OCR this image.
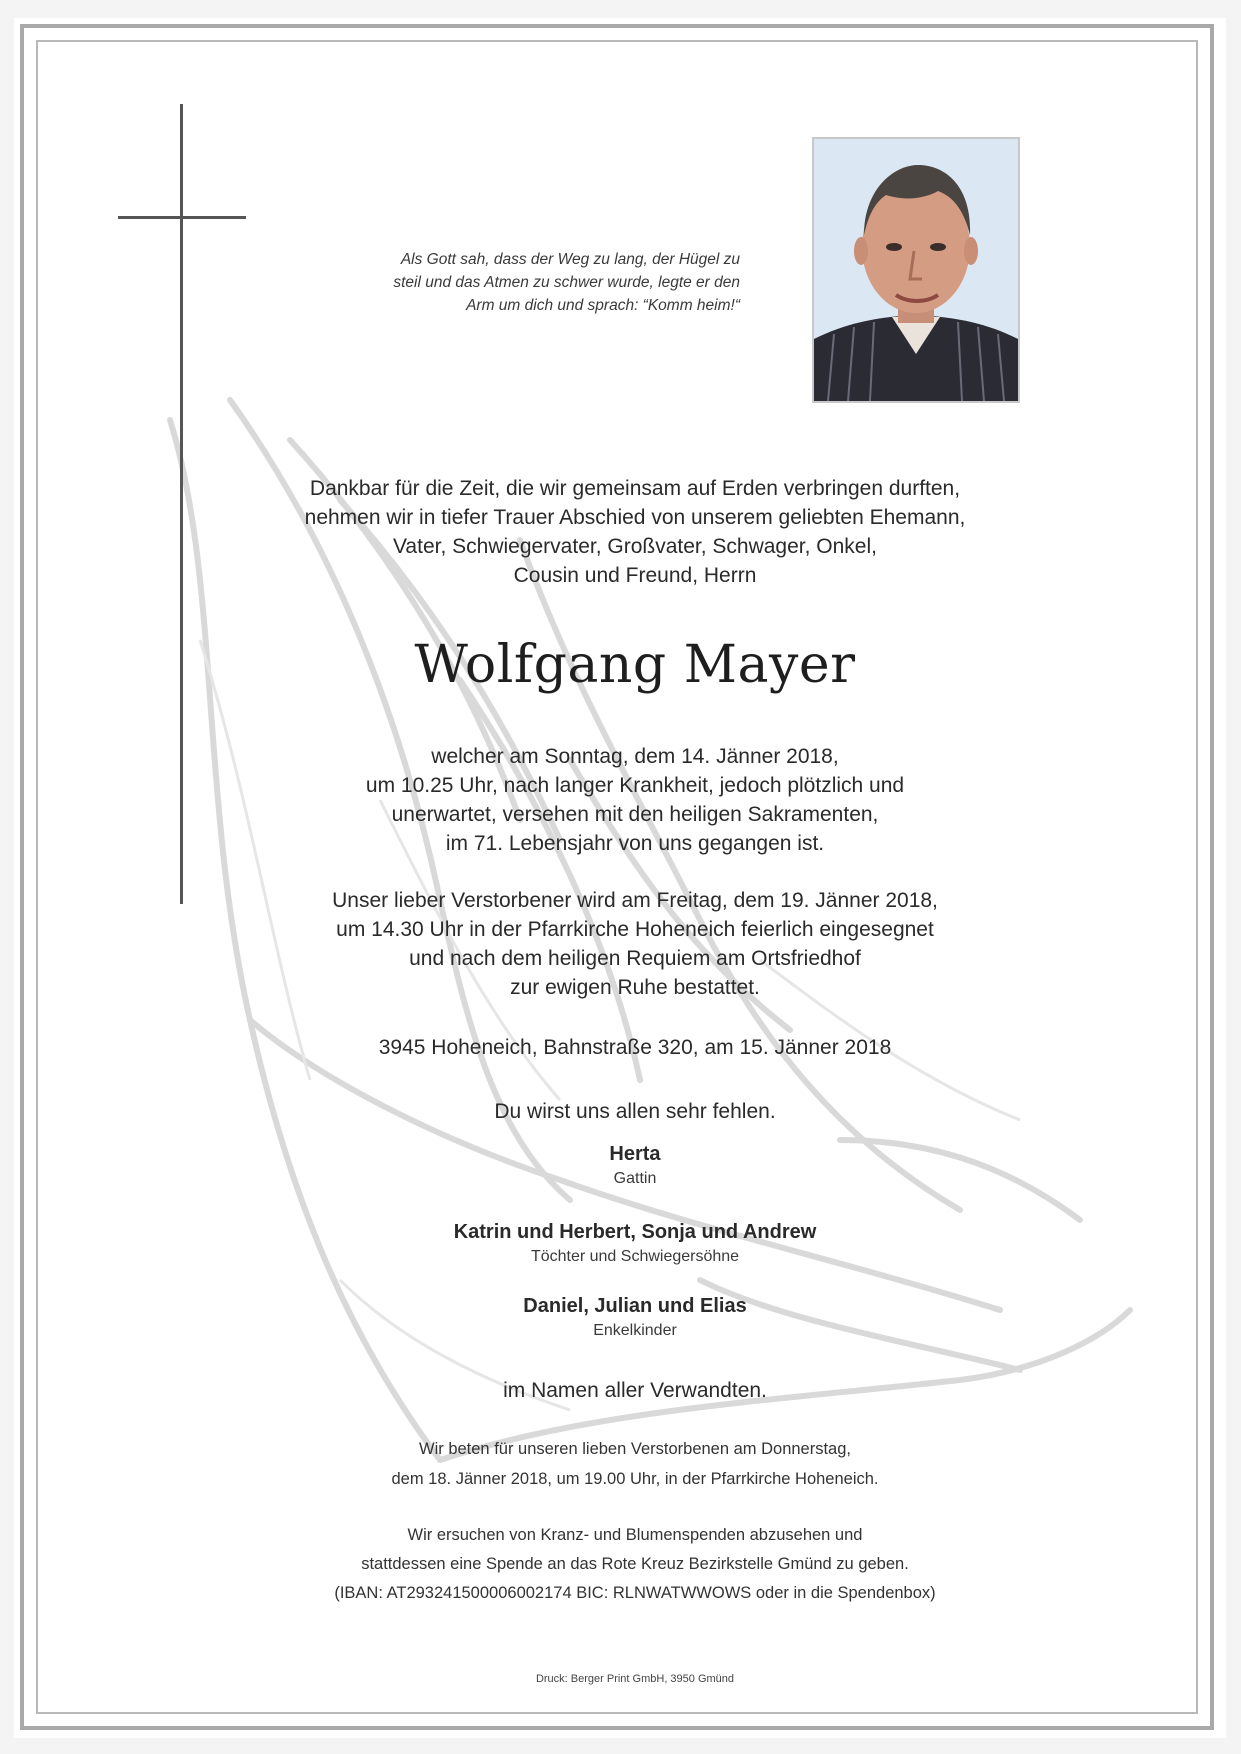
Als Gott sah, dass der Weg zu lang, der Hügel zu
steil und das Atmen zu schwer wurde, legte er den
Arm um dich und sprach: “Komm heim!“
Dankbar für die Zeit, die wir gemeinsam auf Erden verbringen durften,
nehmen wir in tiefer Trauer Abschied von unserem geliebten Ehemann,
Vater, Schwiegervater, Großvater, Schwager, Onkel,
Cousin und Freund, Herrn
Wolfgang Mayer
welcher am Sonntag, dem 14. Jänner 2018,
um 10.25 Uhr, nach langer Krankheit, jedoch plötzlich und
unerwartet, versehen mit den heiligen Sakramenten,
im 71. Lebensjahr von uns gegangen ist.
Unser lieber Verstorbener wird am Freitag, dem 19. Jänner 2018,
um 14.30 Uhr in der Pfarrkirche Hoheneich feierlich eingesegnet
und nach dem heiligen Requiem am Ortsfriedhof
zur ewigen Ruhe bestattet.
3945 Hoheneich, Bahnstraße 320, am 15. Jänner 2018
Du wirst uns allen sehr fehlen.
Herta
Gattin
Katrin und Herbert, Sonja und Andrew
Töchter und Schwiegersöhne
Daniel, Julian und Elias
Enkelkinder
im Namen aller Verwandten.
Wir beten für unseren lieben Verstorbenen am Donnerstag,
dem 18. Jänner 2018, um 19.00 Uhr, in der Pfarrkirche Hoheneich.
Wir ersuchen von Kranz- und Blumenspenden abzusehen und
stattdessen eine Spende an das Rote Kreuz Bezirkstelle Gmünd zu geben.
(IBAN: AT293241500006002174 BIC: RLNWATWWOWS oder in die Spendenbox)
Druck: Berger Print GmbH, 3950 Gmünd
